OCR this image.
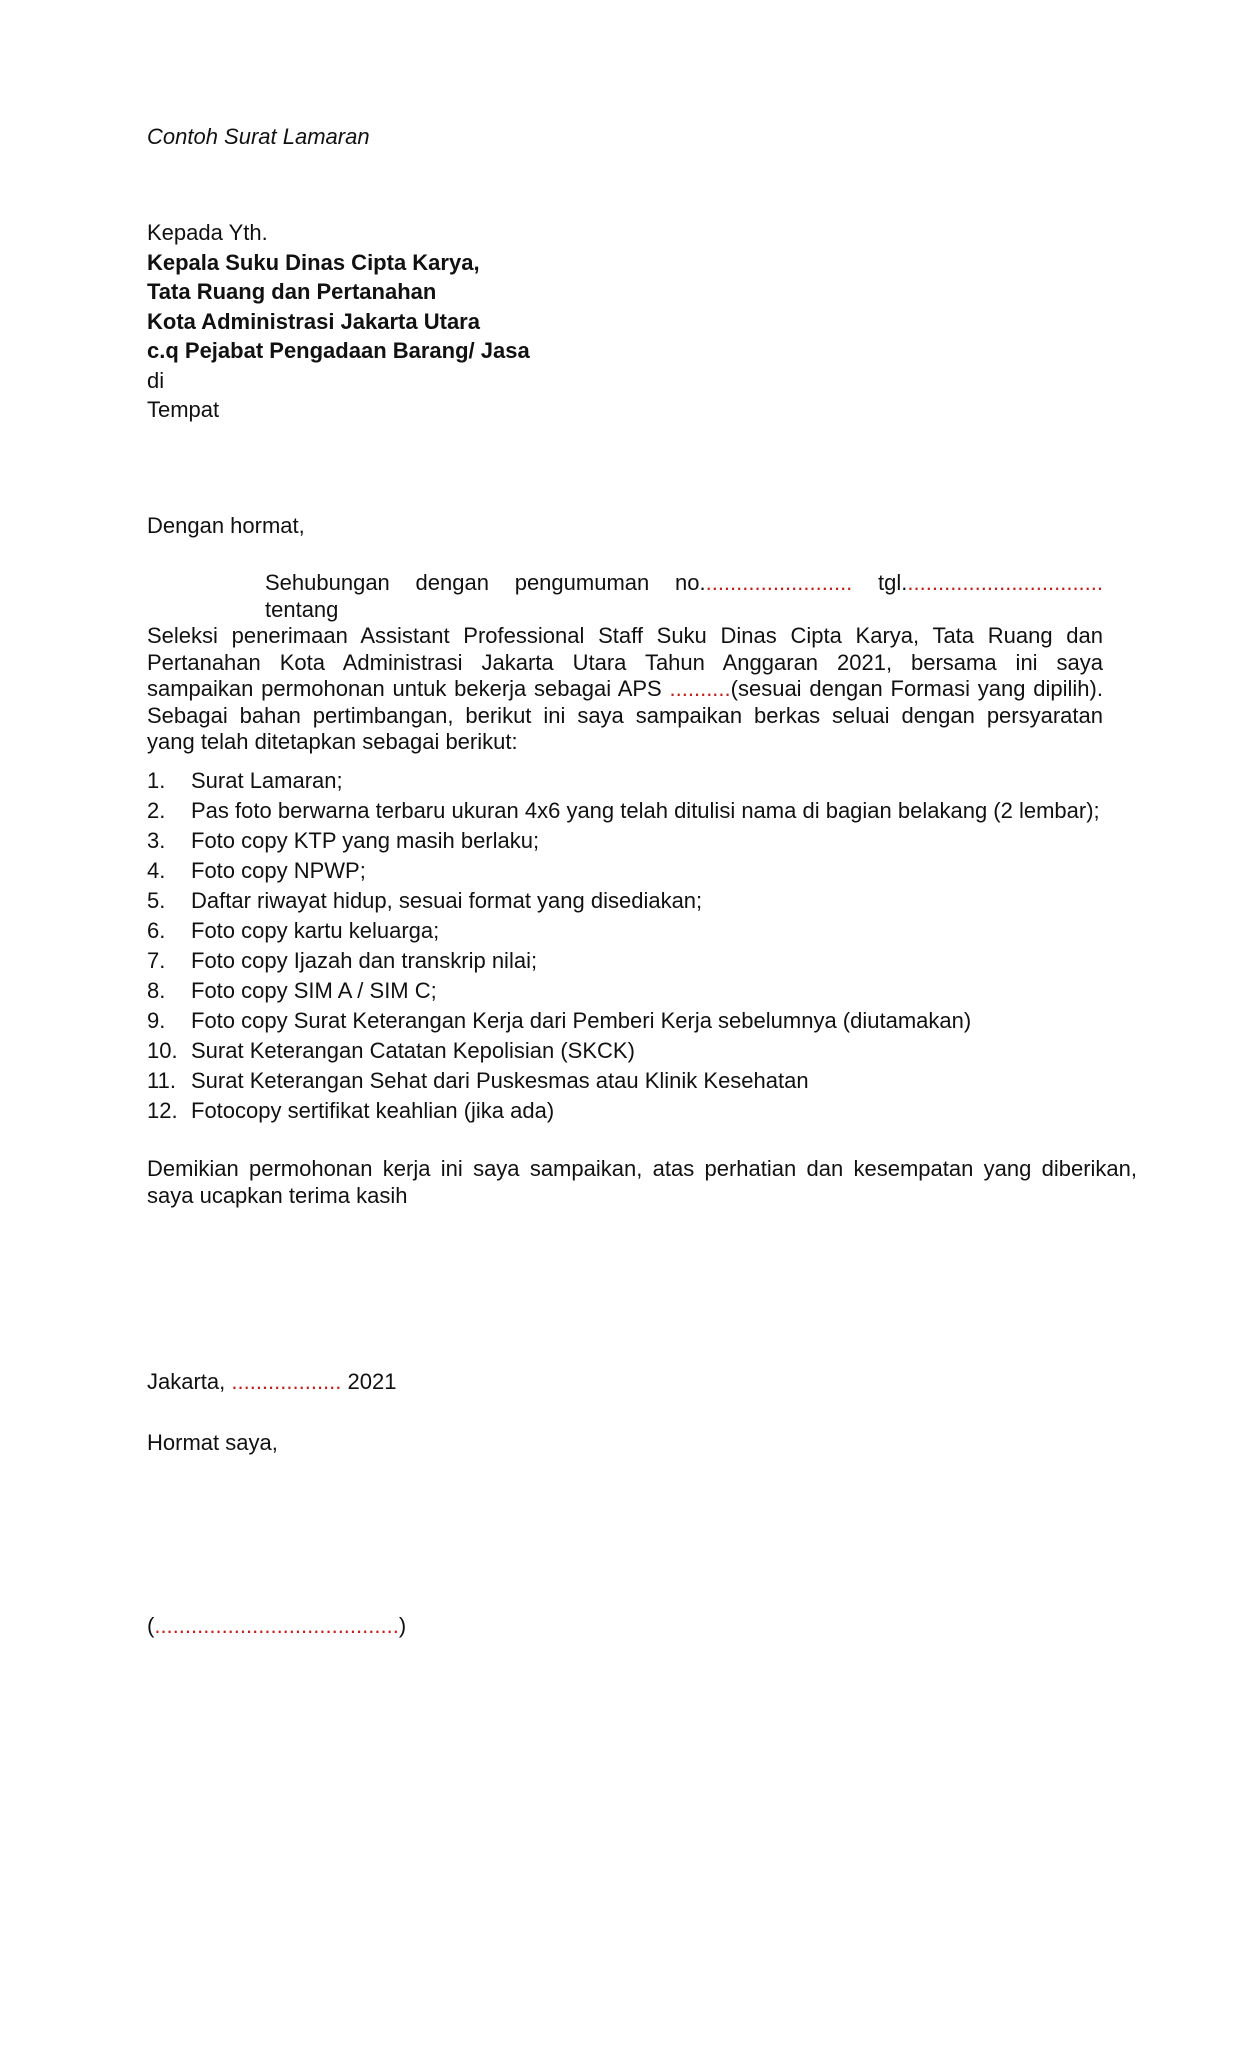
Contoh Surat Lamaran
Kepada Yth.
Kepala Suku Dinas Cipta Karya,
Tata Ruang dan Pertanahan
Kota Administrasi Jakarta Utara
c.q Pejabat Pengadaan Barang/ Jasa
di
Tempat
Dengan hormat,
Sehubungan dengan pengumuman no......................... tgl................................. tentang
Seleksi penerimaan Assistant Professional Staff Suku Dinas Cipta Karya, Tata Ruang dan
Pertanahan Kota Administrasi Jakarta Utara Tahun Anggaran 2021, bersama ini saya
sampaikan permohonan untuk bekerja sebagai APS ..........(sesuai dengan Formasi yang dipilih).
Sebagai bahan pertimbangan, berikut ini saya sampaikan berkas seluai dengan persyaratan
yang telah ditetapkan sebagai berikut:
1. Surat Lamaran;
2. Pas foto berwarna terbaru ukuran 4x6 yang telah ditulisi nama di bagian belakang (2 lembar);
3. Foto copy KTP yang masih berlaku;
4. Foto copy NPWP;
5. Daftar riwayat hidup, sesuai format yang disediakan;
6. Foto copy kartu keluarga;
7. Foto copy Ijazah dan transkrip nilai;
8. Foto copy SIM A / SIM C;
9. Foto copy Surat Keterangan Kerja dari Pemberi Kerja sebelumnya (diutamakan)
10. Surat Keterangan Catatan Kepolisian (SKCK)
11. Surat Keterangan Sehat dari Puskesmas atau Klinik Kesehatan
12. Fotocopy sertifikat keahlian (jika ada)
Demikian permohonan kerja ini saya sampaikan, atas perhatian dan kesempatan yang diberikan,
saya ucapkan terima kasih
Jakarta, .................. 2021
Hormat saya,
(........................................)
